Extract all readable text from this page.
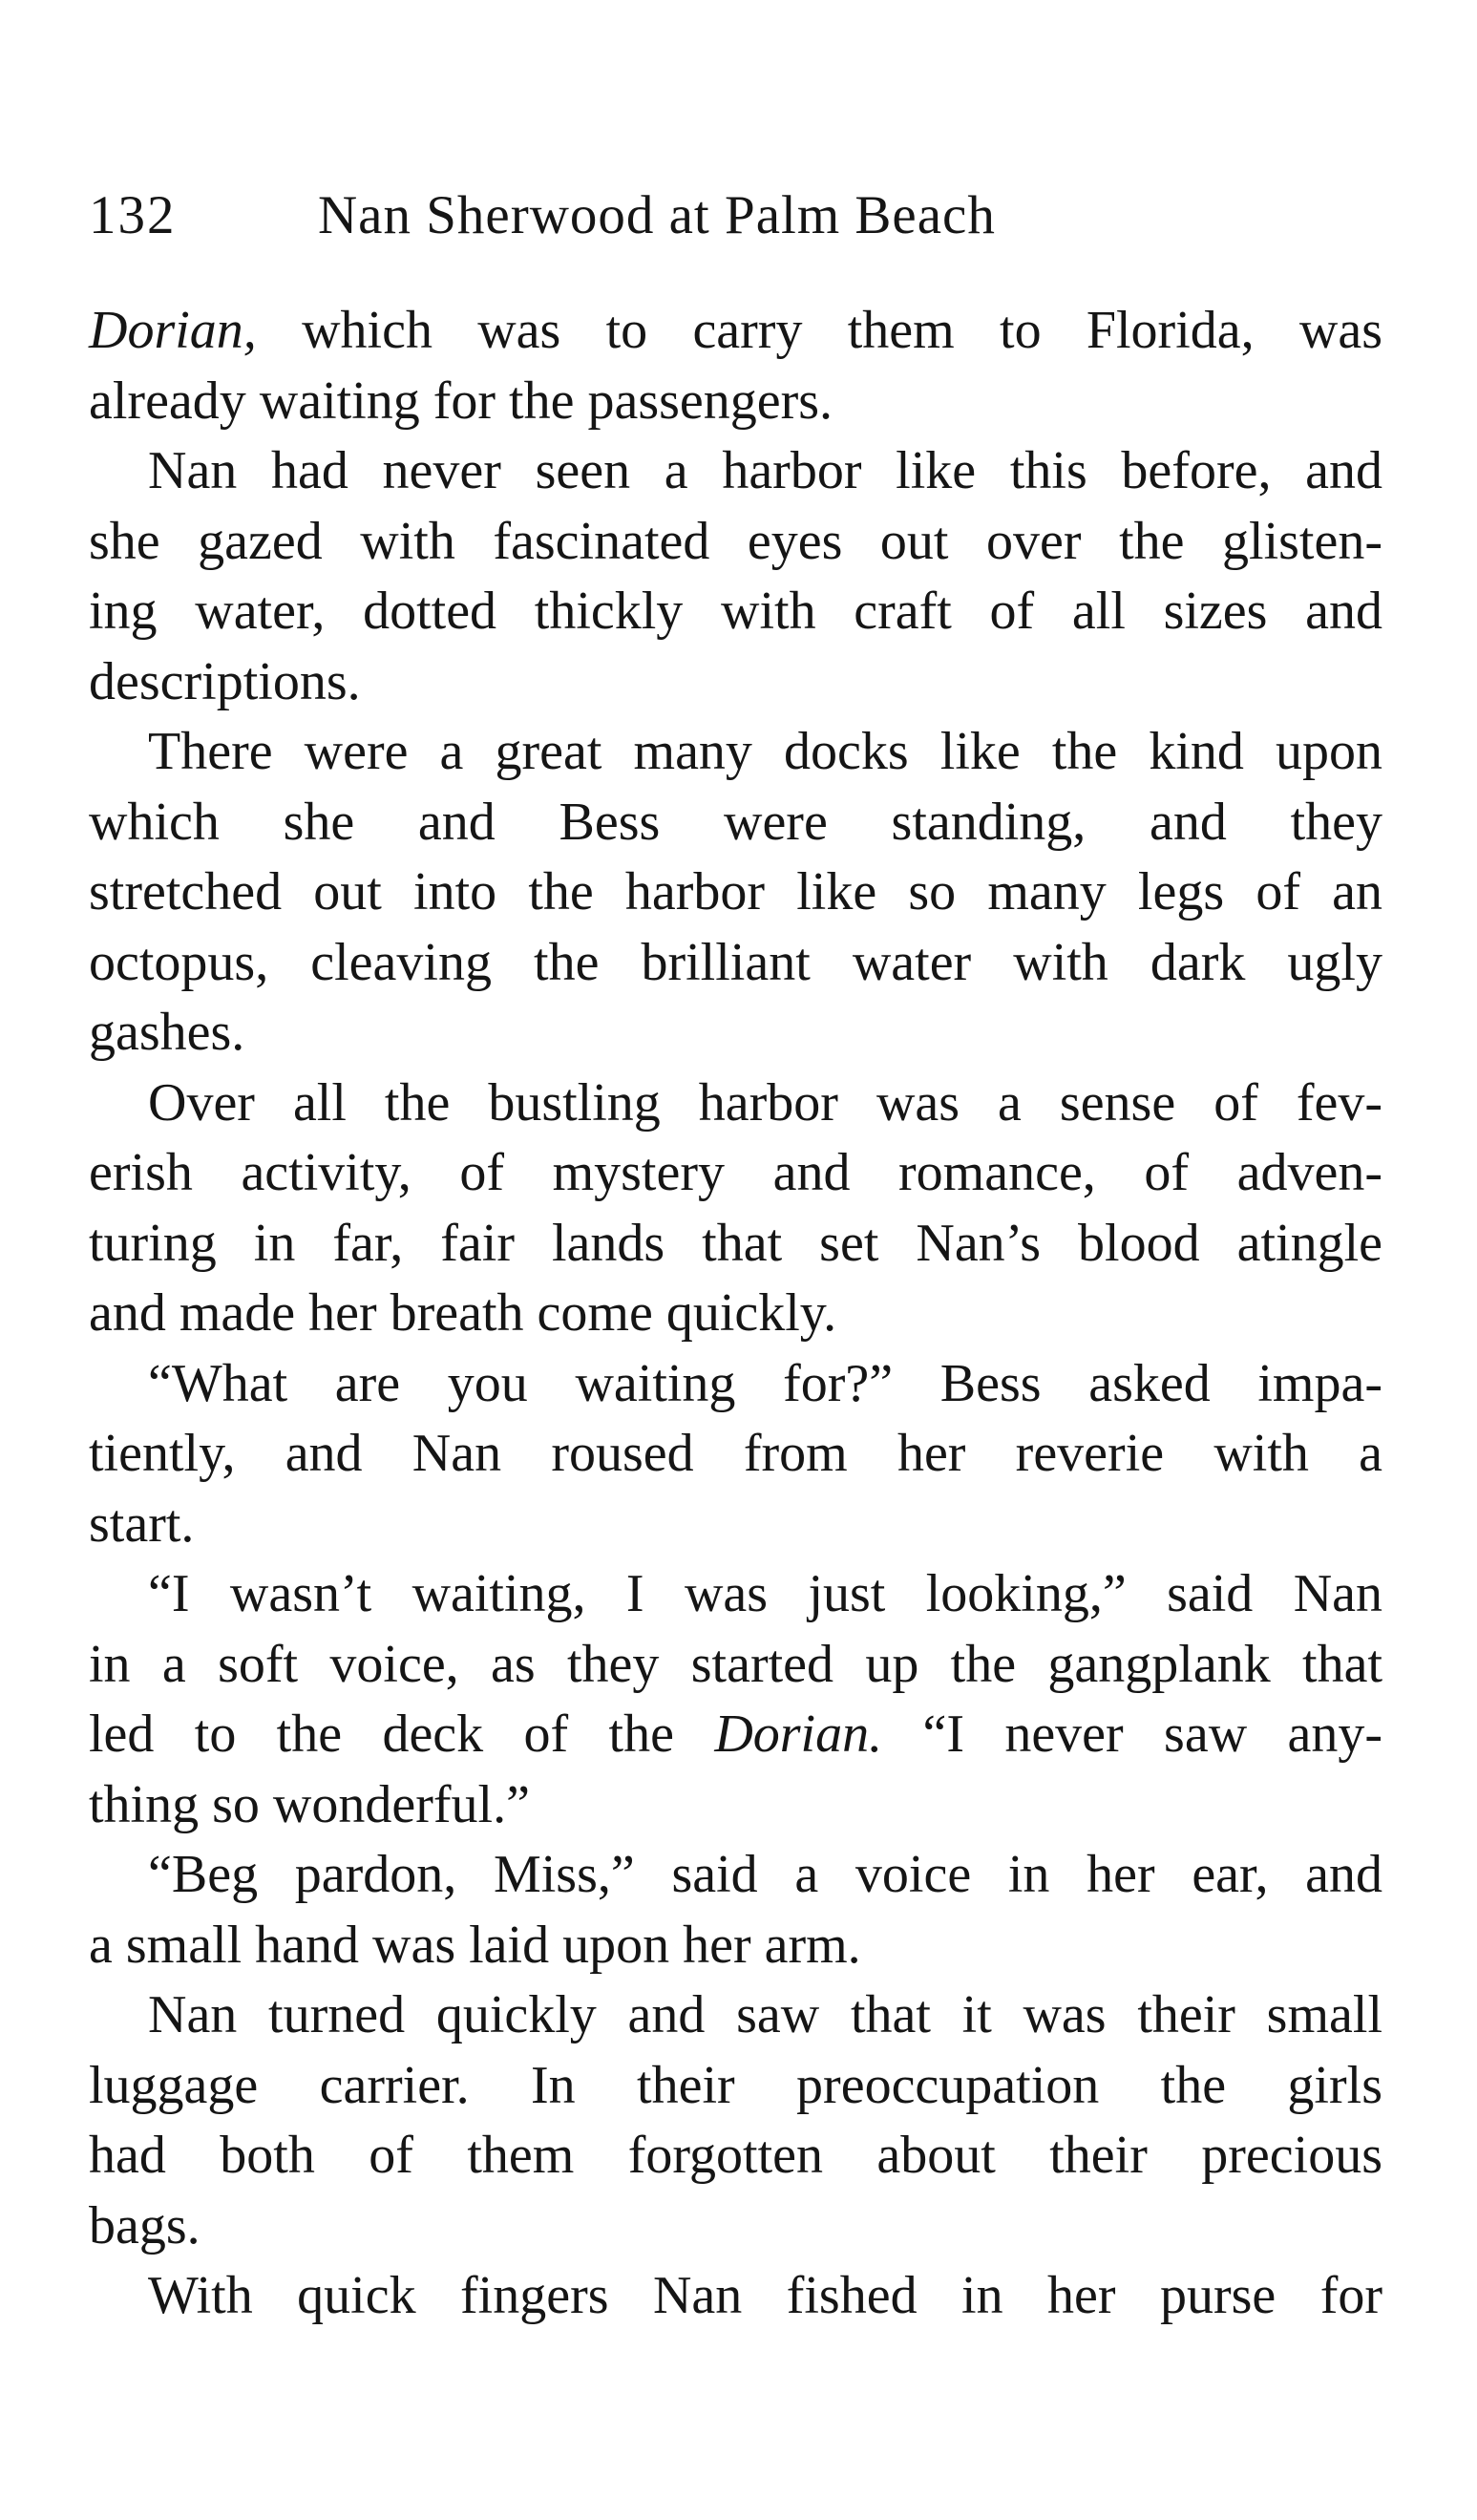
132	Nan Sherwood at Palm Beach
Dorian, which was to carry them to Florida, was
already waiting for the passengers.
Nan had never seen a harbor like this before, and
she gazed with fascinated eyes out over the glisten-
ing water, dotted thickly with craft of all sizes and
descriptions.
There were a great many docks like the kind upon
which she and Bess were standing, and they
stretched out into the harbor like so many legs of an
octopus, cleaving the brilliant water with dark ugly
gashes.
Over all the bustling harbor was a sense of fev-
erish activity, of mystery and romance, of adven-
turing in far, fair lands that set Nan’s blood atingle
and made her breath come quickly.
“What are you waiting for?” Bess asked impa-
tiently, and Nan roused from her reverie with a
start.
“I wasn’t waiting, I was just looking,” said Nan
in a soft voice, as they started up the gangplank that
led to the deck of the Dorian. “I never saw any-
thing so wonderful.”
“Beg pardon, Miss,” said a voice in her ear, and
a small hand was laid upon her arm.
Nan turned quickly and saw that it was their small
luggage carrier. In their preoccupation the girls
had both of them forgotten about their precious
bags.
With quick fingers Nan fished in her purse for
